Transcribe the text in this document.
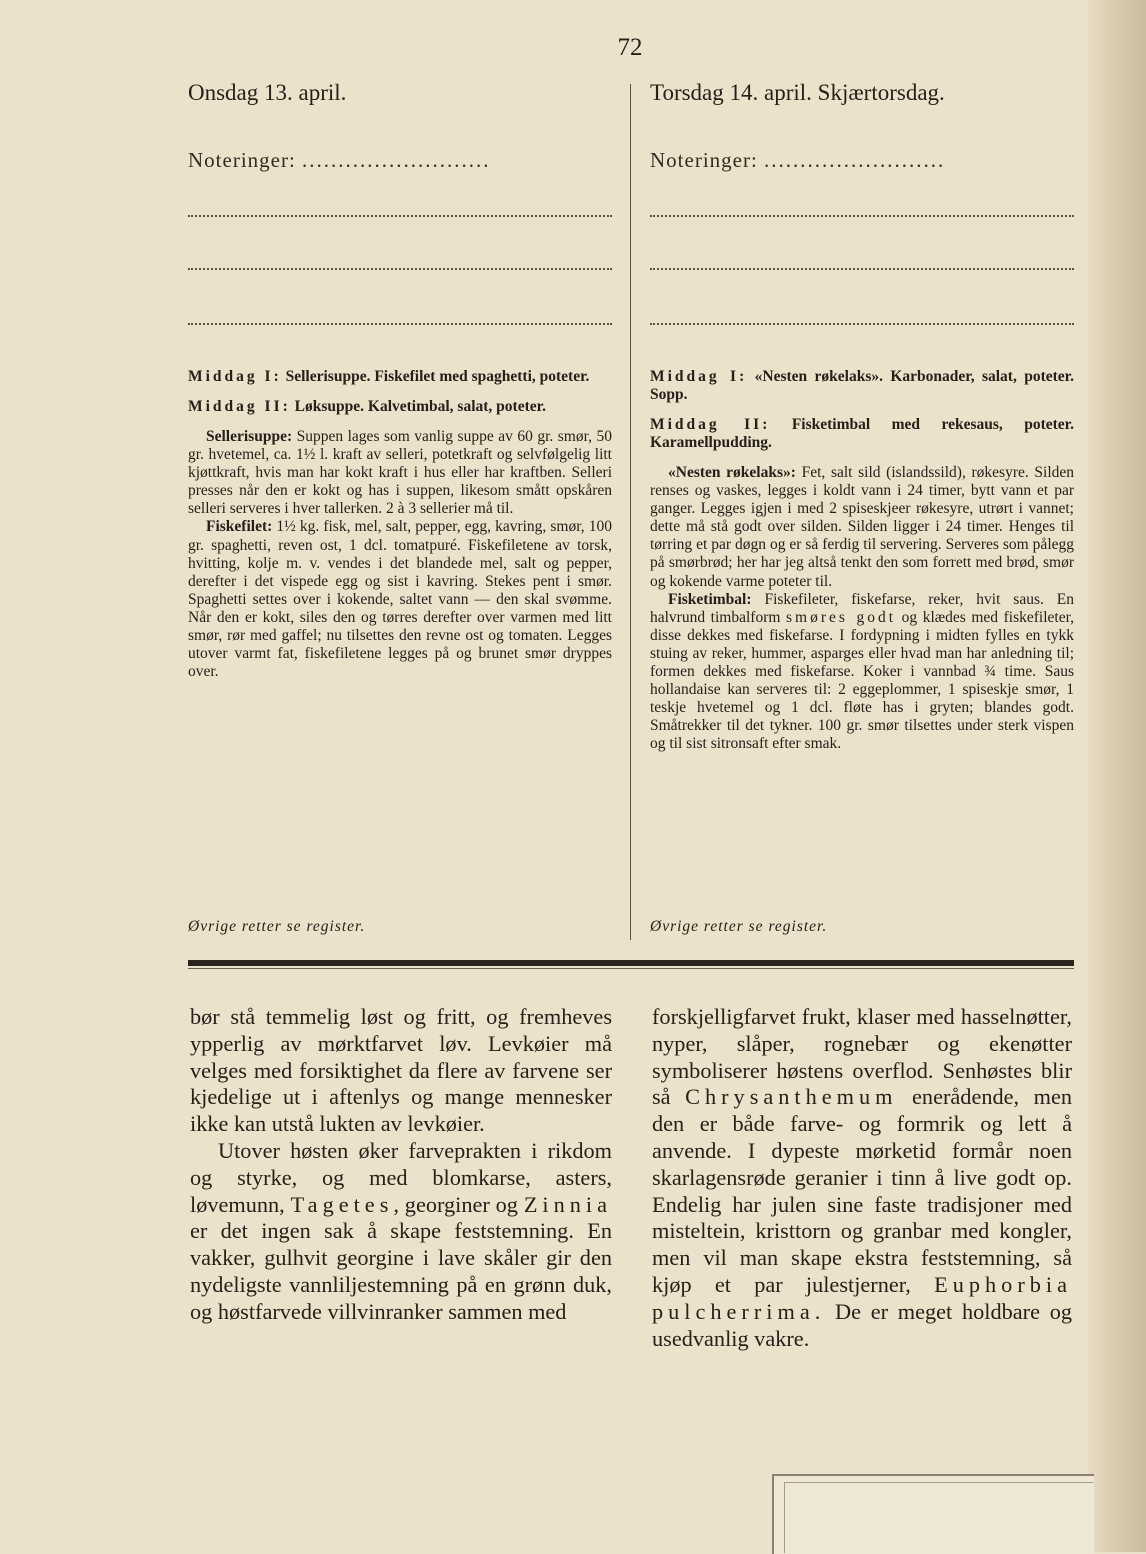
72
Onsdag 13. april.
Noteringer: ..........................

Middag I: Sellerisuppe. Fiskefilet med spaghetti, poteter.

Middag II: Løksuppe. Kalvetimbal, salat, poteter.

Sellerisuppe: Suppen lages som vanlig suppe av 60 gr. smør, 50 gr. hvetemel, ca. 1½ l. kraft av selleri, potetkraft og selvfølgelig litt kjøttkraft, hvis man har kokt kraft i hus eller har kraftben. Selleri presses når den er kokt og has i suppen, likesom smått opskåren selleri serveres i hver tallerken. 2 à 3 sellerier må til.

Fiskefilet: 1½ kg. fisk, mel, salt, pepper, egg, kavring, smør, 100 gr. spaghetti, reven ost, 1 dcl. tomatpuré. Fiskefiletene av torsk, hvitting, kolje m. v. vendes i det blandede mel, salt og pepper, derefter i det vispede egg og sist i kavring. Stekes pent i smør. Spaghetti settes over i kokende, saltet vann — den skal svømme. Når den er kokt, siles den og tørres derefter over varmen med litt smør, rør med gaffel; nu tilsettes den revne ost og tomaten. Legges utover varmt fat, fiskefiletene legges på og brunet smør dryppes over.

Øvrige retter se register.
Torsdag 14. april. Skjærtorsdag.
Noteringer: .........................

Middag I: «Nesten røkelaks». Karbonader, salat, poteter. Sopp.

Middag II: Fisketimbal med rekesaus, poteter. Karamellpudding.

«Nesten røkelaks»: Fet, salt sild (islandssild), røkesyre. Silden renses og vaskes, legges i koldt vann i 24 timer, bytt vann et par ganger. Legges igjen i med 2 spiseskjeer røkesyre, utrørt i vannet; dette må stå godt over silden. Silden ligger i 24 timer. Henges til tørring et par døgn og er så ferdig til servering. Serveres som pålegg på smørbrød; her har jeg altså tenkt den som forrett med brød, smør og kokende varme poteter til.

Fisketimbal: Fiskefileter, fiskefarse, reker, hvit saus. En halvrund timbalform smøres godt og klædes med fiskefileter, disse dekkes med fiskefarse. I fordypning i midten fylles en tykk stuing av reker, hummer, asparges eller hvad man har anledning til; formen dekkes med fiskefarse. Koker i vannbad ¾ time. Saus hollandaise kan serveres til: 2 eggeplommer, 1 spiseskje smør, 1 teskje hvetemel og 1 dcl. fløte has i gryten; blandes godt. Småtrekker til det tykner. 100 gr. smør tilsettes under sterk vispen og til sist sitronsaft efter smak.

Øvrige retter se register.

bør stå temmelig løst og fritt, og fremheves ypperlig av mørktfarvet løv. Levkøier må velges med forsiktighet da flere av farvene ser kjedelige ut i aftenlys og mange mennesker ikke kan utstå lukten av levkøier.

Utover høsten øker farveprakten i rikdom og styrke, og med blomkarse, asters, løvemunn, Tagetes, georginer og Zinnia er det ingen sak å skape feststemning. En vakker, gulhvit georgine i lave skåler gir den nydeligste vannliljestemning på en grønn duk, og høstfarvede villvinranker sammen med

forskjelligfarvet frukt, klaser med hasselnøtter, nyper, slåper, rognebær og ekenøtter symboliserer høstens overflod. Senhøstes blir så Chrysanthemum enerådende, men den er både farve- og formrik og lett å anvende. I dypeste mørketid formår noen skarlagensrøde geranier i tinn å live godt op. Endelig har julen sine faste tradisjoner med misteltein, kristtorn og granbar med kongler, men vil man skape ekstra feststemning, så kjøp et par julestjerner, Euphorbia pulcherrima. De er meget holdbare og usedvanlig vakre.
